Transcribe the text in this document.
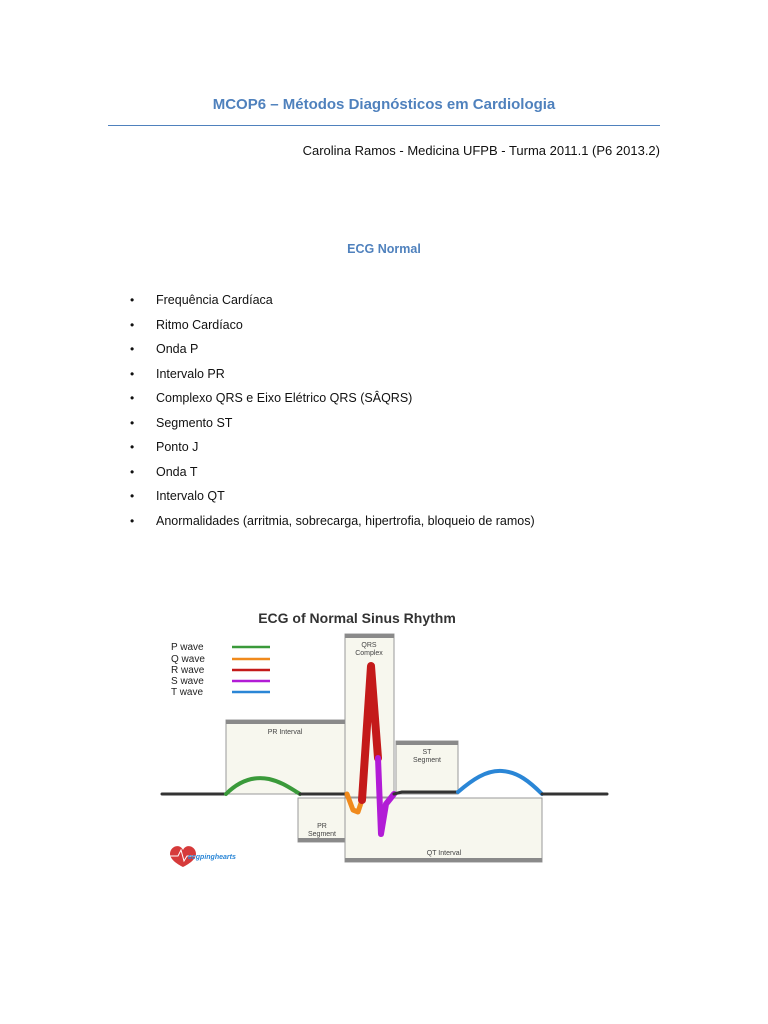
MCOP6 – Métodos Diagnósticos em Cardiologia
Carolina Ramos - Medicina UFPB - Turma 2011.1 (P6 2013.2)
ECG Normal
• Frequência Cardíaca
• Ritmo Cardíaco
• Onda P
• Intervalo PR
• Complexo QRS e Eixo Elétrico QRS (SÂQRS)
• Segmento ST
• Ponto J
• Onda T
• Intervalo QT
• Anormalidades (arritmia, sobrecarga, hipertrofia, bloqueio de ramos)
ECG of Normal Sinus Rhythm
P wave
Q wave
R wave
S wave
T wave
QRS
Complex
PR Interval
ST
Segment
PR
Segment
QT Interval
ecgpinghearts
